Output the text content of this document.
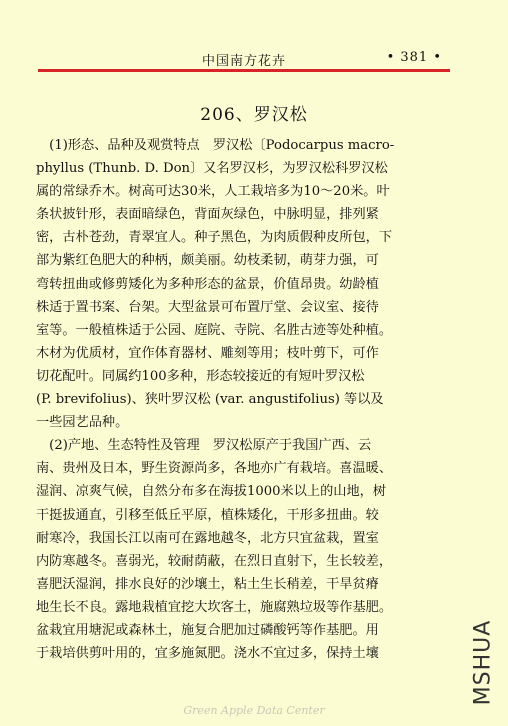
中国南方花卉	• 381 •
206、罗汉松
　(1)形态、品种及观赏特点　罗汉松〔Podocarpus macro-
phyllus (Thunb. D. Don〕又名罗汉杉，为罗汉松科罗汉松
属的常绿乔木。树高可达30米，人工栽培多为10～20米。叶
条状披针形，表面暗绿色，背面灰绿色，中脉明显，排列紧
密，古朴苍劲，青翠宜人。种子黑色，为肉质假种皮所包，下
部为紫红色肥大的种柄，颇美丽。幼枝柔韧，萌芽力强，可
弯转扭曲或修剪矮化为多种形态的盆景，价值昂贵。幼龄植
株适于置书案、台架。大型盆景可布置厅堂、会议室、接待
室等。一般植株适于公园、庭院、寺院、名胜古迹等处种植。
木材为优质材，宜作体育器材、雕刻等用；枝叶剪下，可作
切花配叶。同属约100多种，形态较接近的有短叶罗汉松
(P. brevifolius)、狭叶罗汉松 (var. angustifolius) 等以及
一些园艺品种。
　(2)产地、生态特性及管理　罗汉松原产于我国广西、云
南、贵州及日本，野生资源尚多，各地亦广有栽培。喜温暖、
湿润、凉爽气候，自然分布多在海拔1000米以上的山地，树
干挺拔通直，引移至低丘平原，植株矮化，干形多扭曲。较
耐寒冷，我国长江以南可在露地越冬，北方只宜盆栽，置室
内防寒越冬。喜弱光，较耐荫蔽，在烈日直射下，生长较差，
喜肥沃湿润，排水良好的沙壤土，粘土生长稍差，干旱贫瘠
地生长不良。露地栽植宜挖大坎客土，施腐熟垃圾等作基肥。
盆栽宜用塘泥或森林土，施复合肥加过磷酸钙等作基肥。用
于栽培供剪叶用的，宜多施氮肥。浇水不宜过多，保持土壤	MSHUA
Green Apple Data Center
